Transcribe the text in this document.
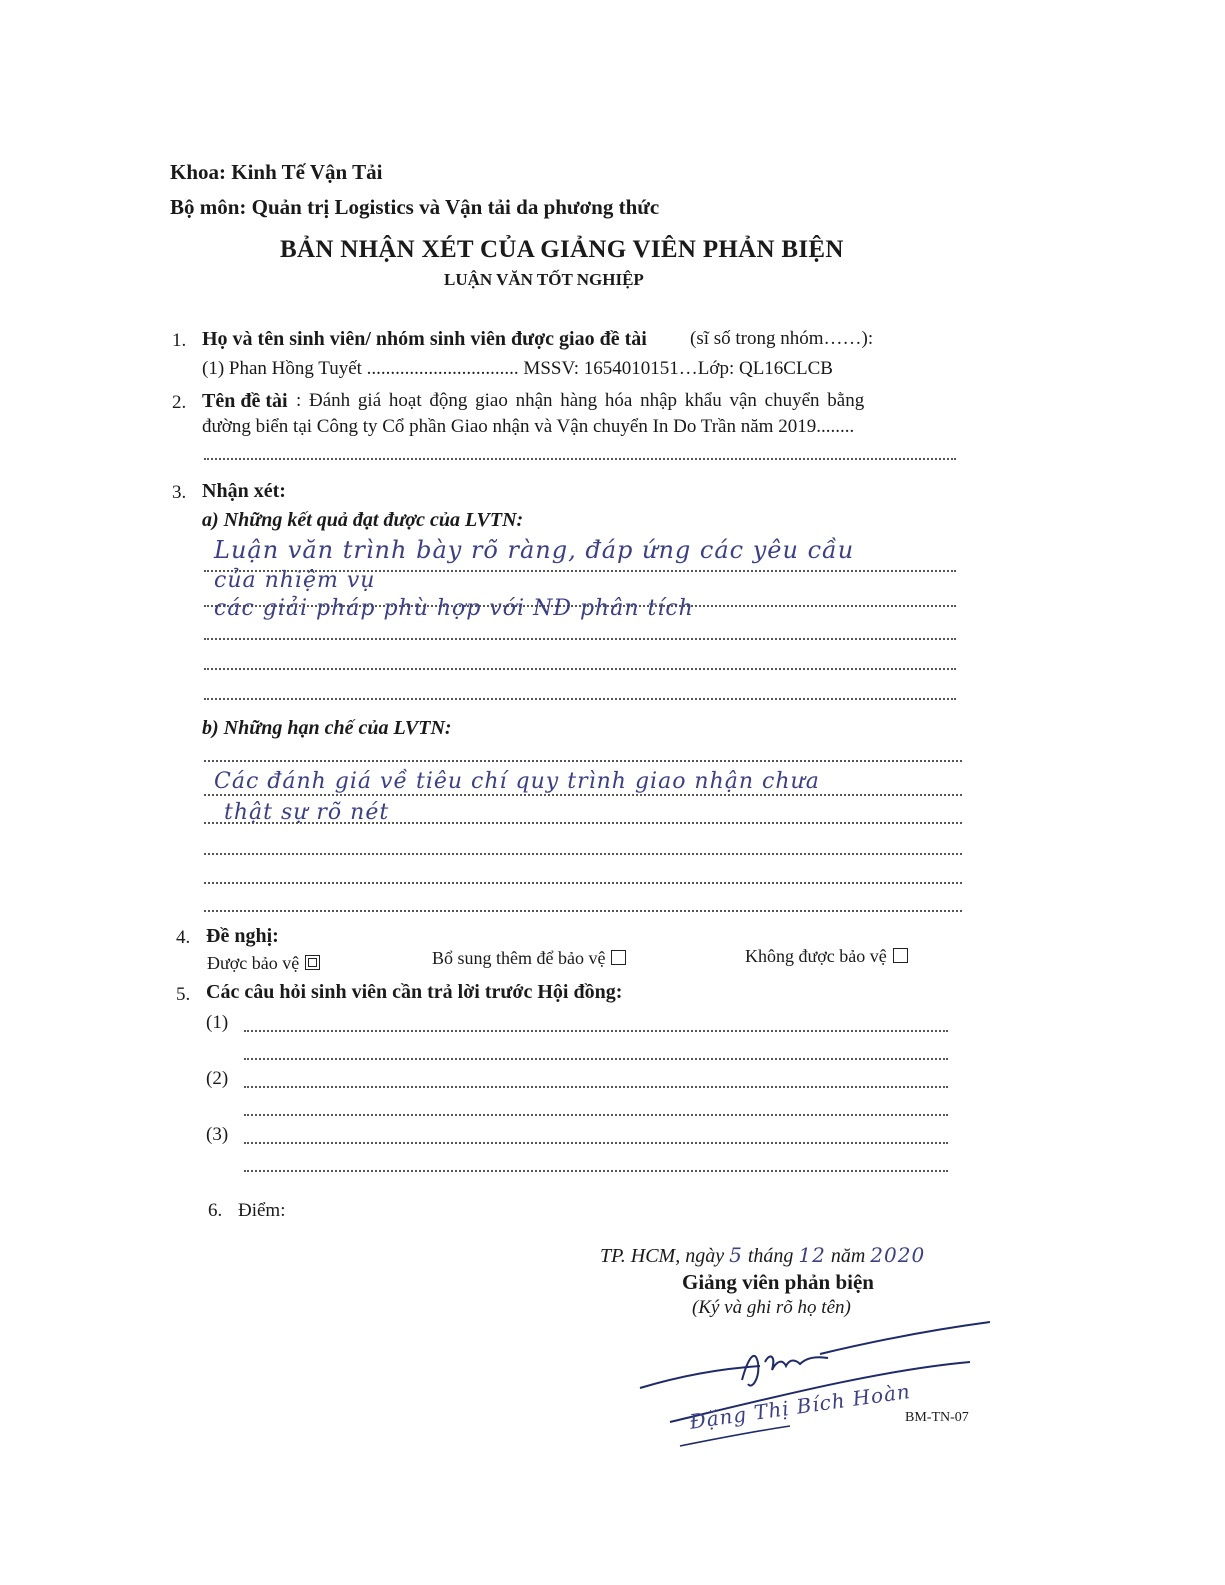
Khoa: Kinh Tế Vận Tải
Bộ môn: Quản trị Logistics và Vận tải da phương thức
BẢN NHẬN XÉT CỦA GIẢNG VIÊN PHẢN BIỆN
LUẬN VĂN TỐT NGHIỆP
1. Họ và tên sinh viên/ nhóm sinh viên được giao đề tài (sĩ số trong nhóm……):
(1) Phan Hồng Tuyết ................................ MSSV: 1654010151…Lớp: QL16CLCB
2. Tên đề tài : Đánh giá hoạt động giao nhận hàng hóa nhập khẩu vận chuyển bằng
đường biển tại Công ty Cổ phần Giao nhận và Vận chuyển In Do Trần năm 2019........
3. Nhận xét:
a) Những kết quả đạt được của LVTN:
Luận văn trình bày rõ ràng, đáp ứng các yêu cầu
của nhiệm vụ
các giải pháp phù hợp với ND phân tích
b) Những hạn chế của LVTN:
Các đánh giá về tiêu chí quy trình giao nhận chưa
thật sự rõ nét
4. Đề nghị:
Được bảo vệ	Bổ sung thêm để bảo vệ	Không được bảo vệ
5. Các câu hỏi sinh viên cần trả lời trước Hội đồng:
(1)
(2)
(3)
6. Điểm:
TP. HCM, ngày 5 tháng 12 năm 2020
Giảng viên phản biện
(Ký và ghi rõ họ tên)
Đặng Thị Bích Hoàn
BM-TN-07
